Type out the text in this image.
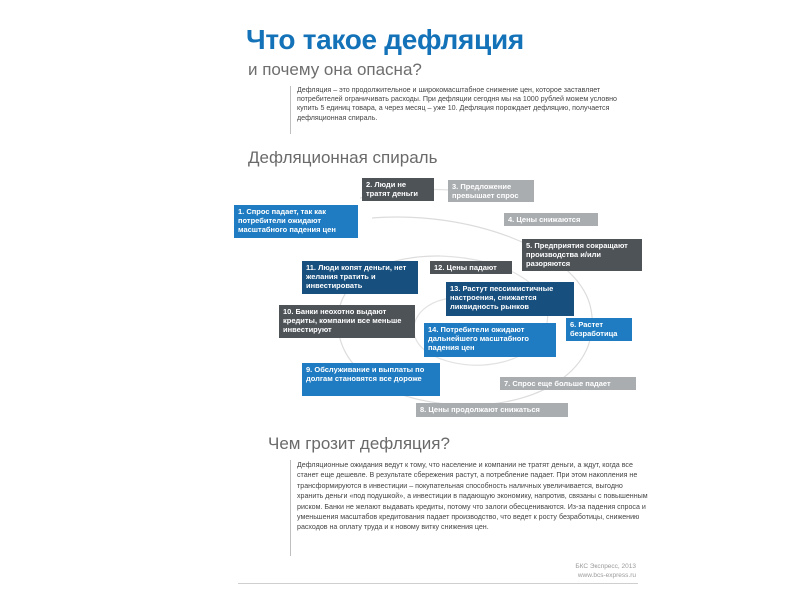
Что такое дефляция
и почему она опасна?

Дефляция – это продолжительное и широкомасштабное снижение цен, которое заставляет потребителей ограничивать расходы. При дефляции сегодня мы на 1000 рублей можем условно купить 5 единиц товара, а через месяц – уже 10. Дефляция порождает дефляцию, получается дефляционная спираль.

Дефляционная спираль
1. Спрос падает, так как потребители ожидают масштабного падения цен
2. Люди не тратят деньги
3. Предложение превышает спрос
4. Цены снижаются
5. Предприятия сокращают производства и/или разоряются
6. Растет безработица
7. Спрос еще больше падает
8. Цены продолжают снижаться
9. Обслуживание и выплаты по долгам становятся все дороже
10. Банки неохотно выдают кредиты, компании все меньше инвестируют
11. Люди копят деньги, нет желания тратить и инвестировать
12. Цены падают
13. Растут пессимистичные настроения, снижается ликвидность рынков
14. Потребители ожидают дальнейшего масштабного падения цен
Чем грозит дефляция?

Дефляционные ожидания ведут к тому, что население и компании не тратят деньги, а ждут, когда все станет еще дешевле. В результате сбережения растут, а потребление падает. При этом накопления не трансформируются в инвестиции – покупательная способность наличных увеличивается, выгодно хранить деньги «под подушкой», а инвестиции в падающую экономику, напротив, связаны с повышенным риском. Банки не желают выдавать кредиты, потому что залоги обесцениваются. Из-за падения спроса и уменьшения масштабов кредитования падает производство, что ведет к росту безработицы, снижению расходов на оплату труда и к новому витку снижения цен.

БКС Экспресс, 2013
www.bcs-express.ru
